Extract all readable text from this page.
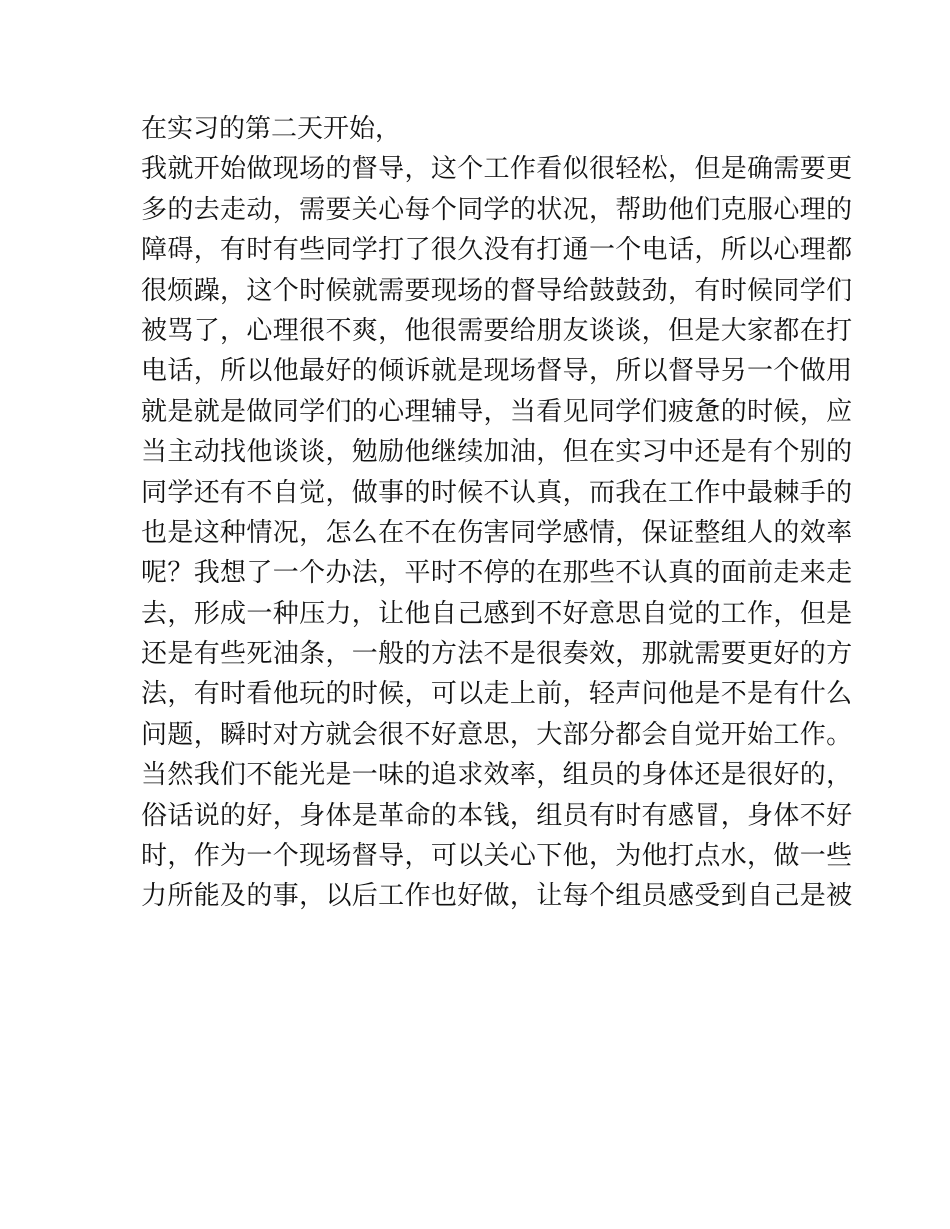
在实习的第二天开始，
我就开始做现场的督导，这个工作看似很轻松，但是确需要更
多的去走动，需要关心每个同学的状况，帮助他们克服心理的
障碍，有时有些同学打了很久没有打通一个电话，所以心理都
很烦躁，这个时候就需要现场的督导给鼓鼓劲，有时候同学们
被骂了，心理很不爽，他很需要给朋友谈谈，但是大家都在打
电话，所以他最好的倾诉就是现场督导，所以督导另一个做用
就是就是做同学们的心理辅导，当看见同学们疲惫的时候，应
当主动找他谈谈，勉励他继续加油，但在实习中还是有个别的
同学还有不自觉，做事的时候不认真，而我在工作中最棘手的
也是这种情况，怎么在不在伤害同学感情，保证整组人的效率
呢？我想了一个办法，平时不停的在那些不认真的面前走来走
去，形成一种压力，让他自己感到不好意思自觉的工作，但是
还是有些死油条，一般的方法不是很奏效，那就需要更好的方
法，有时看他玩的时候，可以走上前，轻声问他是不是有什么
问题，瞬时对方就会很不好意思，大部分都会自觉开始工作。
当然我们不能光是一味的追求效率，组员的身体还是很好的，
俗话说的好，身体是革命的本钱，组员有时有感冒，身体不好
时，作为一个现场督导，可以关心下他，为他打点水，做一些
力所能及的事，以后工作也好做，让每个组员感受到自己是被
